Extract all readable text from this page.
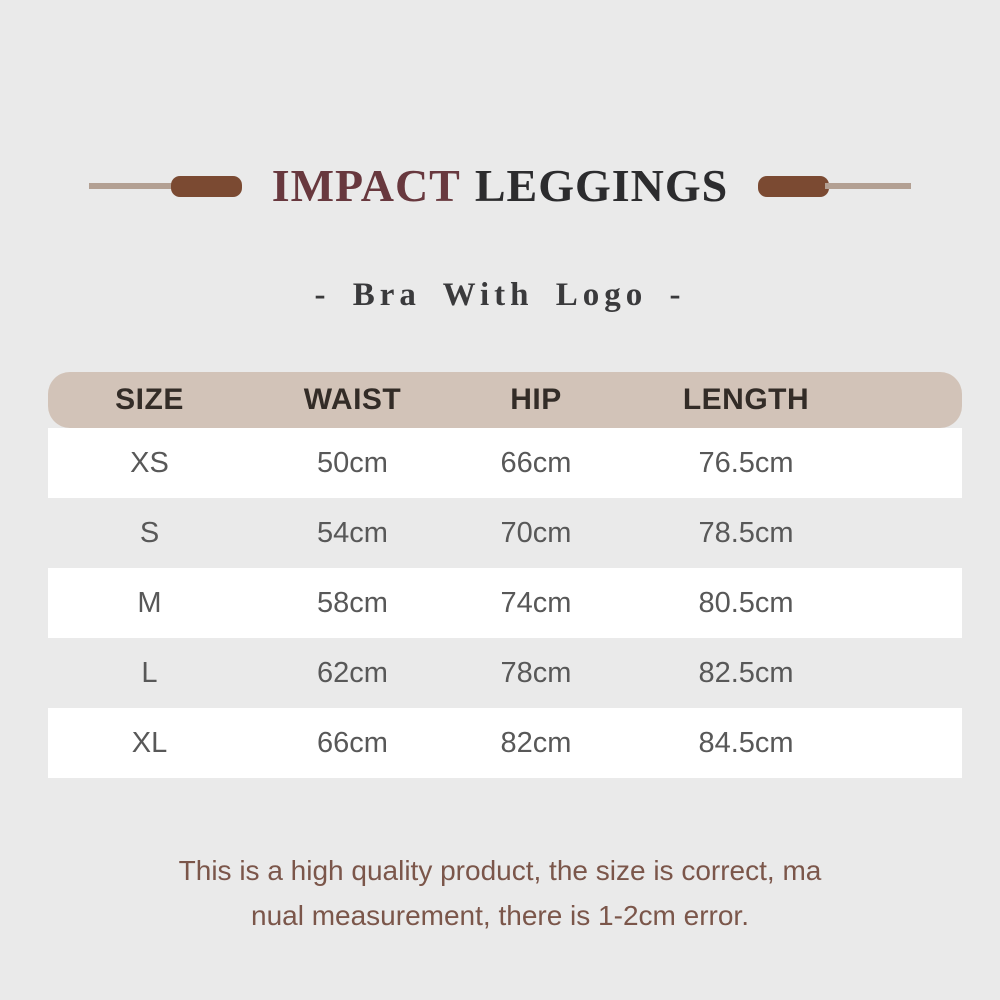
IMPACT LEGGINGS
- Bra With Logo -
SIZE	WAIST	HIP	LENGTH
XS	50cm	66cm	76.5cm
S	54cm	70cm	78.5cm
M	58cm	74cm	80.5cm
L	62cm	78cm	82.5cm
XL	66cm	82cm	84.5cm

This is a high quality product, the size is correct, ma

nual measurement, there is 1-2cm error.
